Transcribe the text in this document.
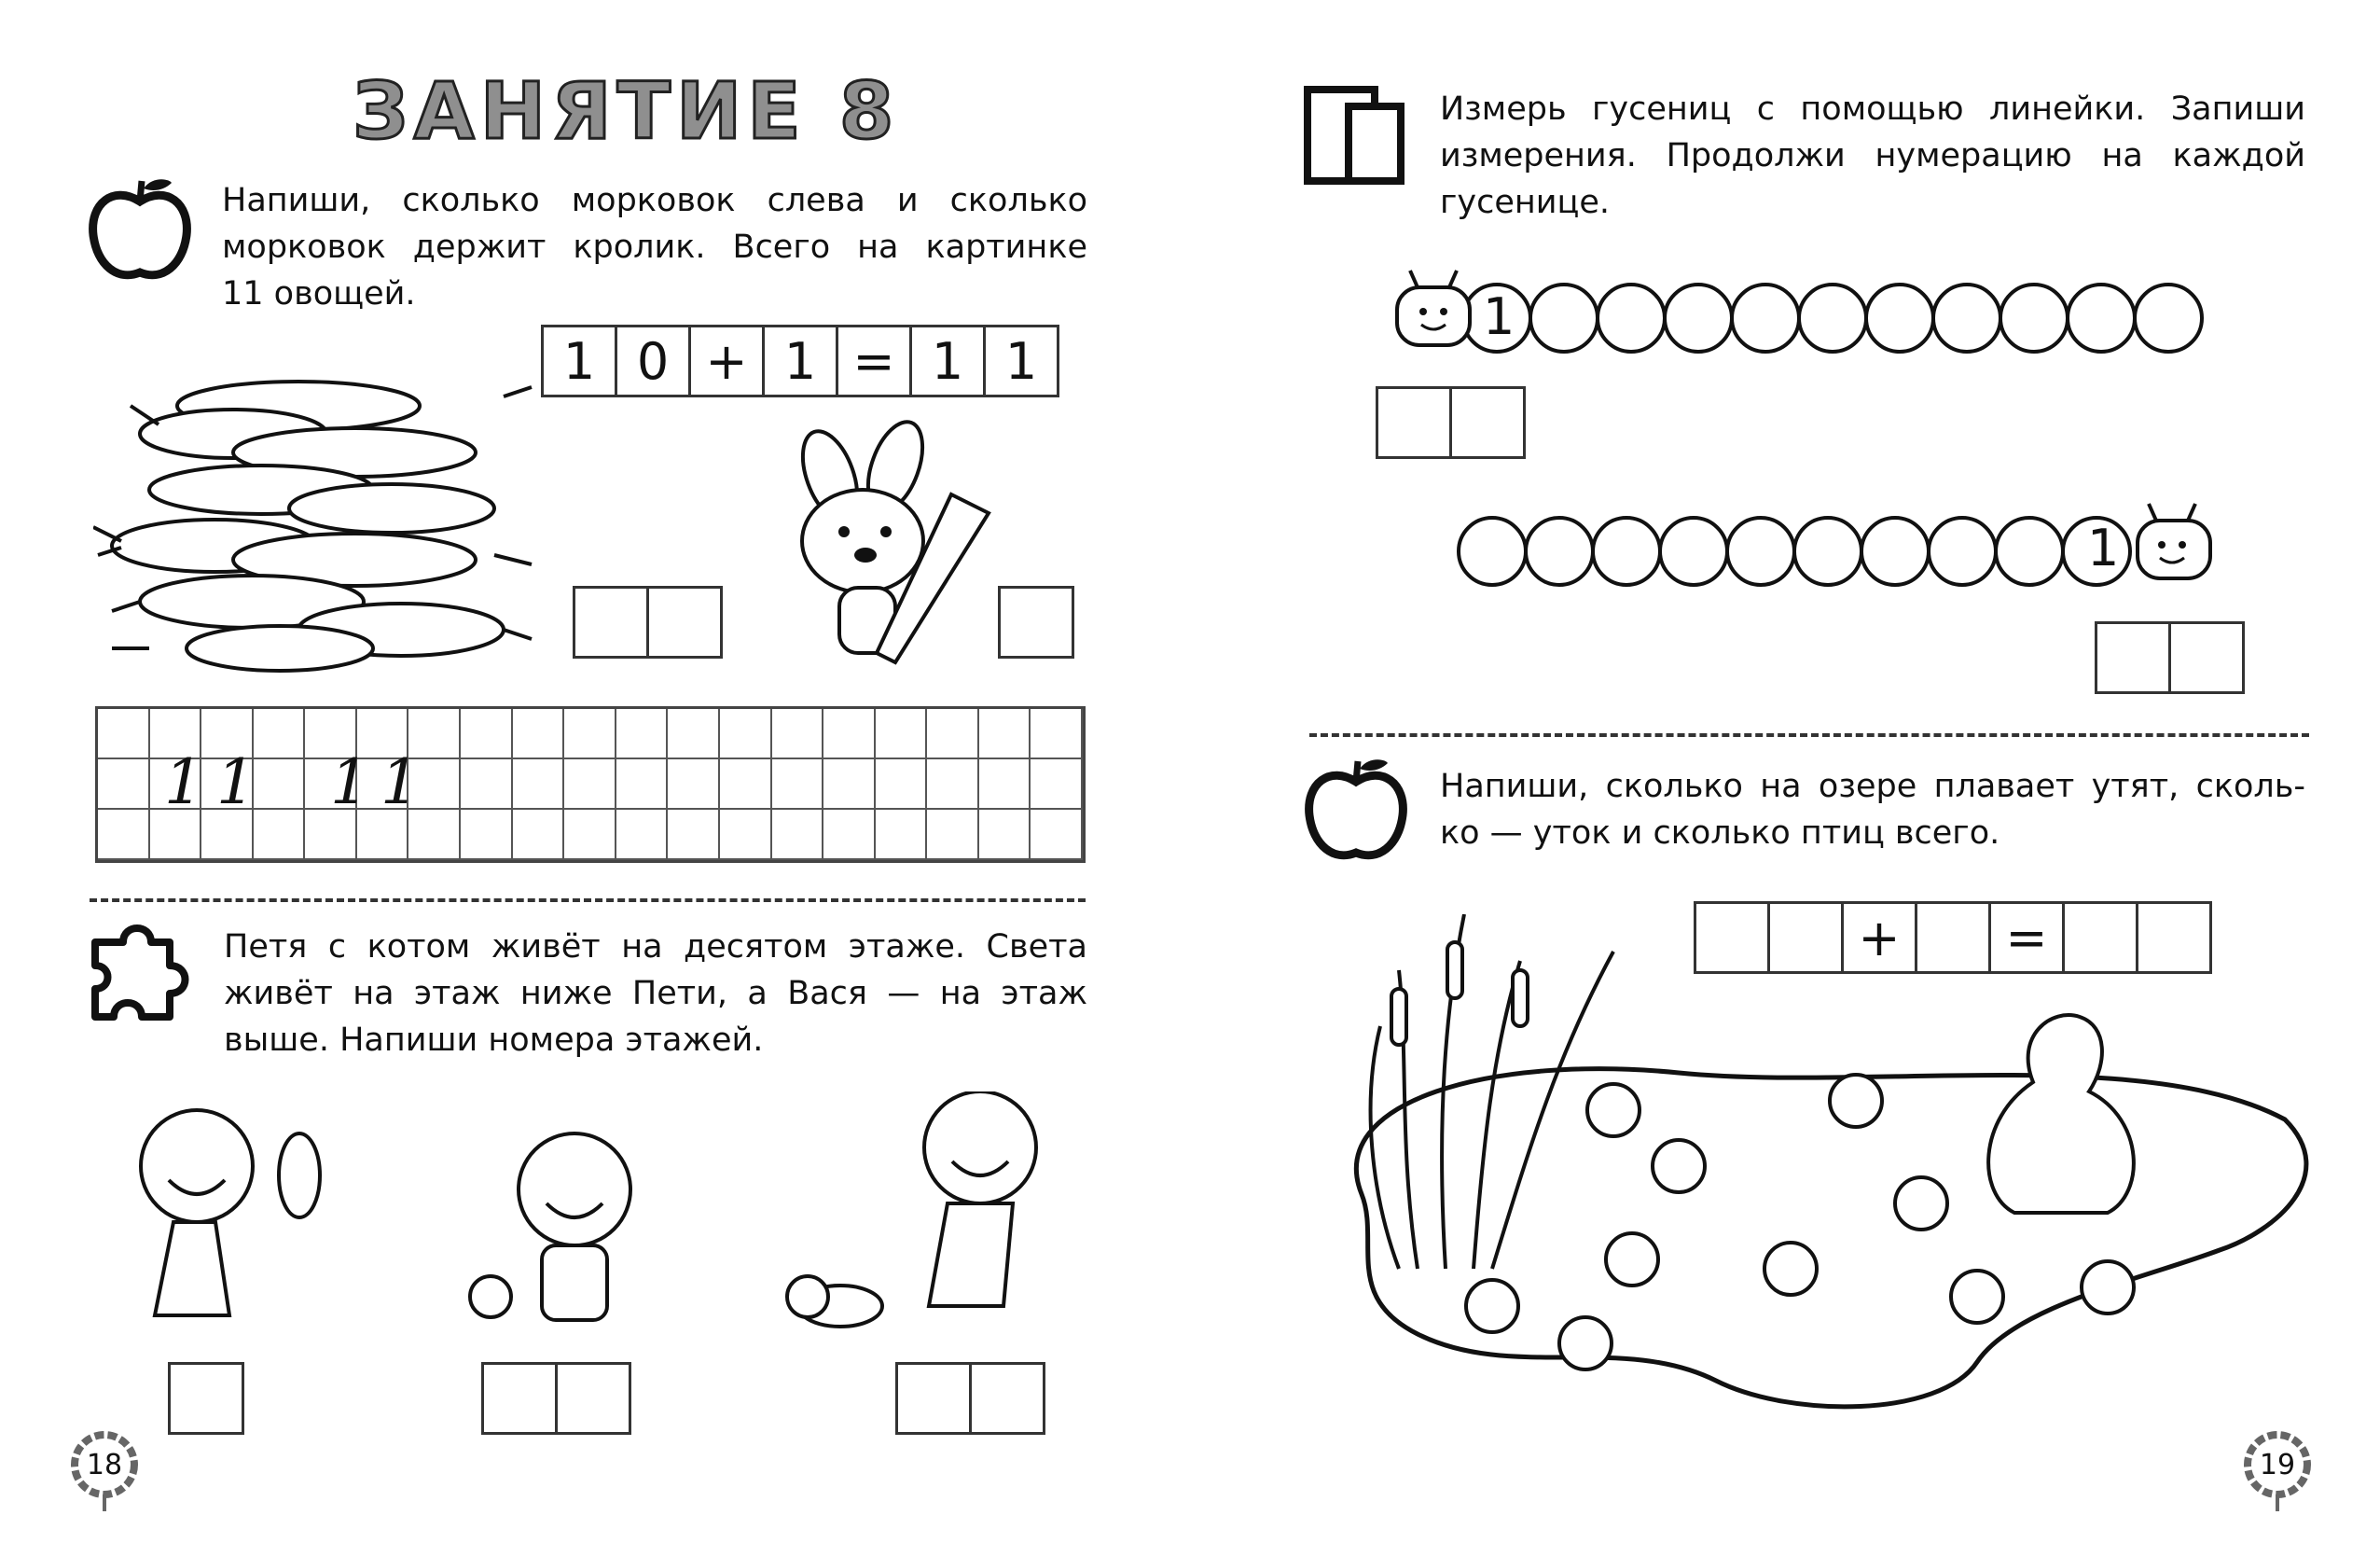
ЗАНЯТИЕ 8
Напиши, сколько морковок слева и сколько
морковок держит кролик. Всего на картинке
11 овощей.
1 0 + 1 = 1 1
1 1 1 1
Петя с котом живёт на десятом этаже. Света
живёт на этаж ниже Пети, а Вася — на этаж
выше. Напиши номера этажей.
18
Измерь гусениц с помощью линейки. Запиши
измерения. Продолжи нумерацию на каждой
гусенице.
1
1
Напиши, сколько на озере плавает утят, сколь-
ко — уток и сколько птиц всего.
+	=
19
